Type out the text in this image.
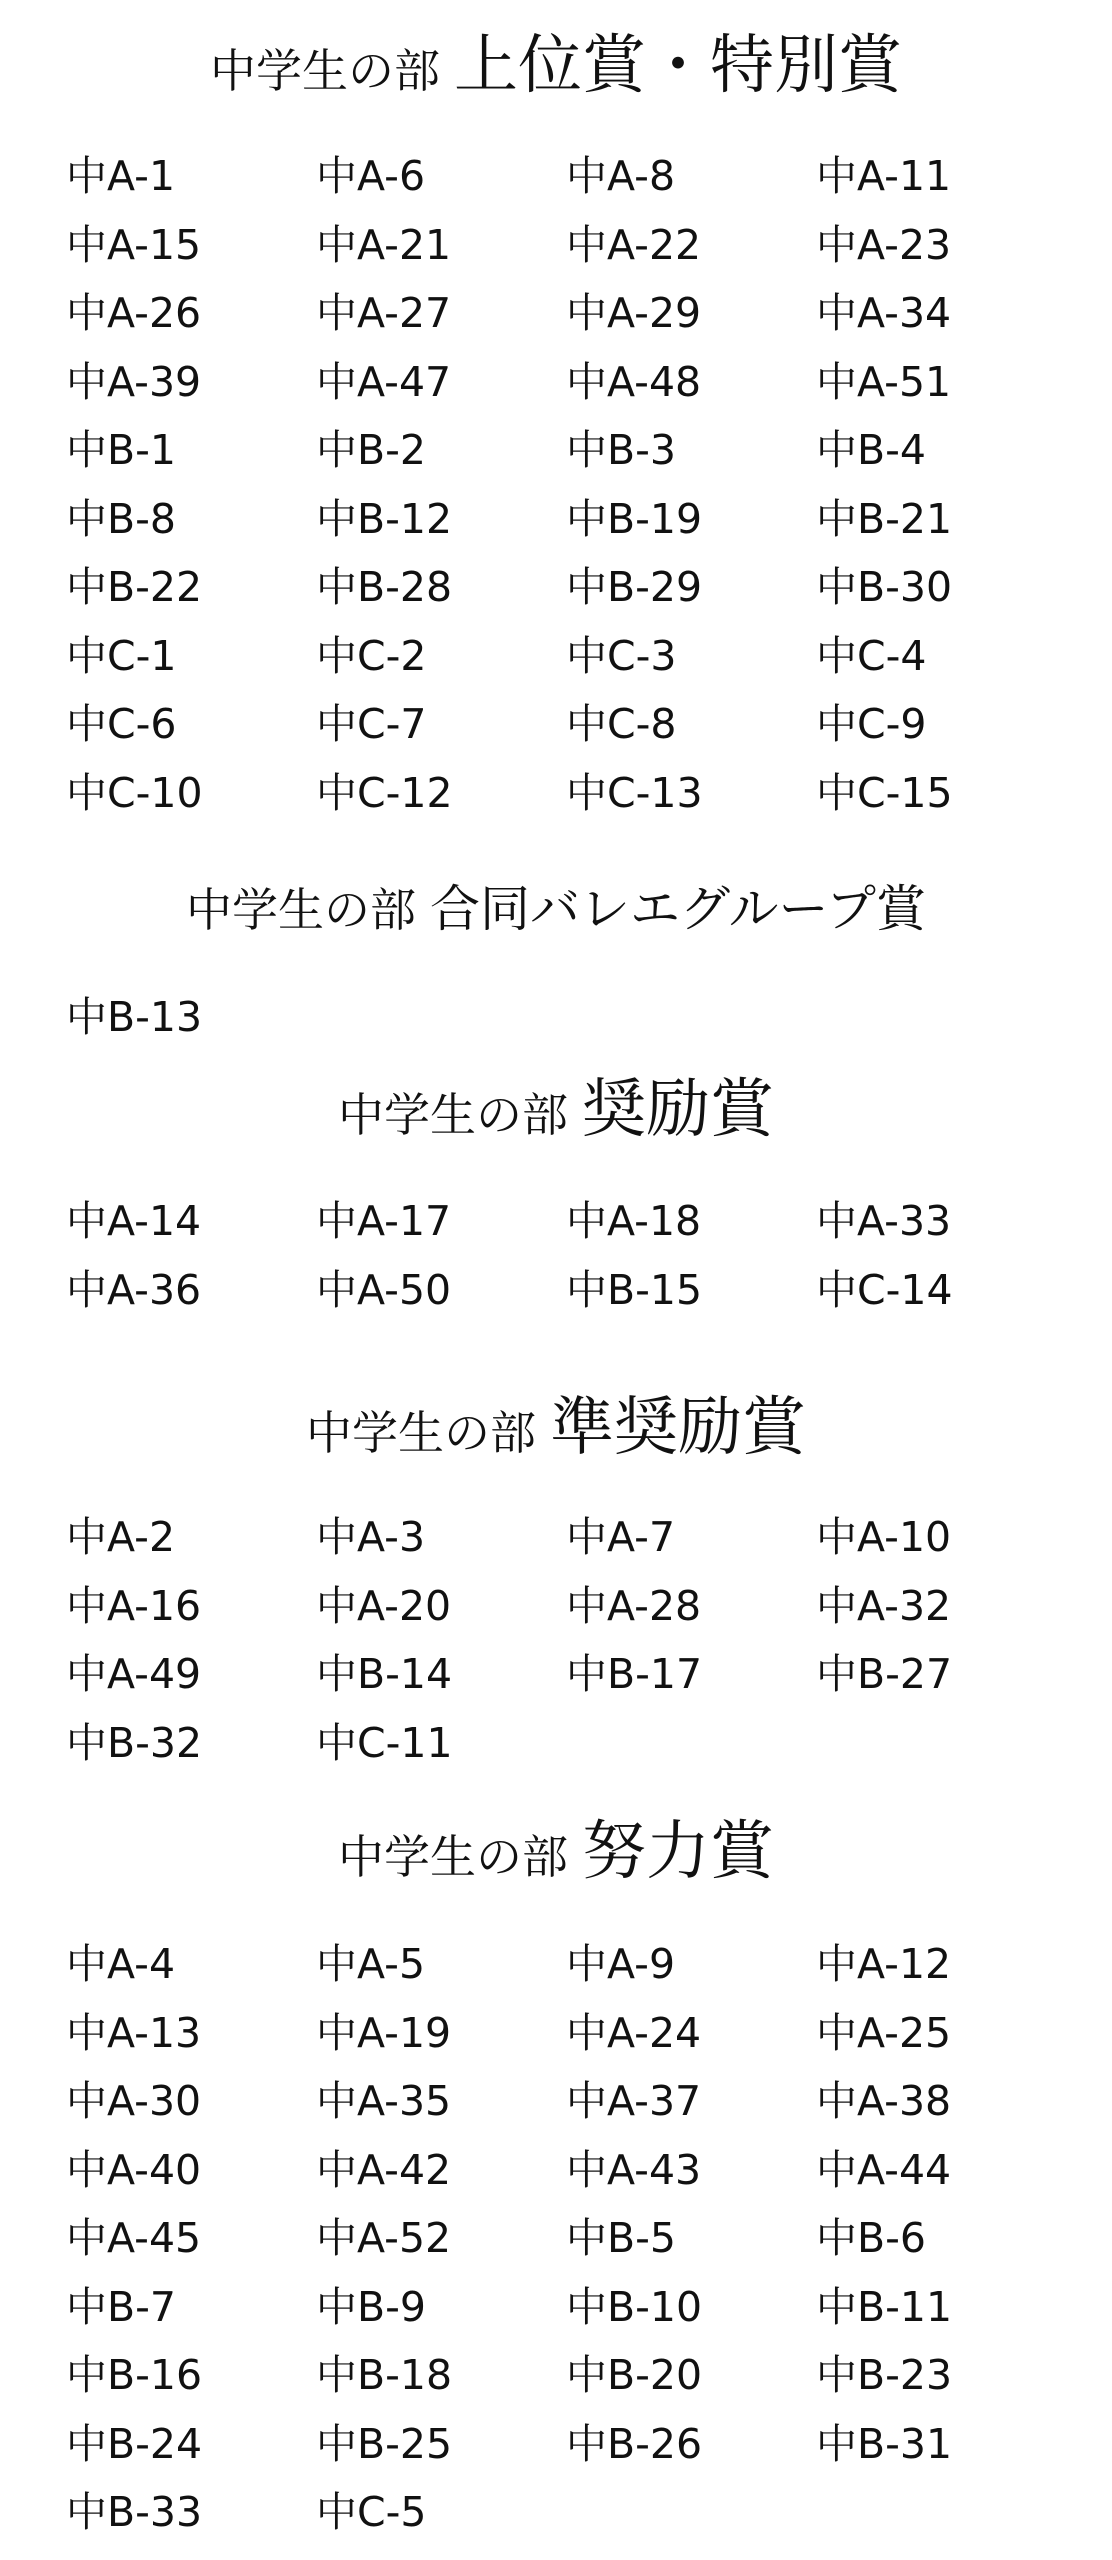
中学生の部 上位賞・特別賞
中A-1	中A-6	中A-8	中A-11
中A-15	中A-21	中A-22	中A-23
中A-26	中A-27	中A-29	中A-34
中A-39	中A-47	中A-48	中A-51
中B-1	中B-2	中B-3	中B-4
中B-8	中B-12	中B-19	中B-21
中B-22	中B-28	中B-29	中B-30
中C-1	中C-2	中C-3	中C-4
中C-6	中C-7	中C-8	中C-9
中C-10	中C-12	中C-13	中C-15
中学生の部 合同バレエグループ賞
中B-13
中学生の部 奨励賞
中A-14	中A-17	中A-18	中A-33
中A-36	中A-50	中B-15	中C-14
中学生の部 準奨励賞
中A-2	中A-3	中A-7	中A-10
中A-16	中A-20	中A-28	中A-32
中A-49	中B-14	中B-17	中B-27
中B-32	中C-11
中学生の部 努力賞
中A-4	中A-5	中A-9	中A-12
中A-13	中A-19	中A-24	中A-25
中A-30	中A-35	中A-37	中A-38
中A-40	中A-42	中A-43	中A-44
中A-45	中A-52	中B-5	中B-6
中B-7	中B-9	中B-10	中B-11
中B-16	中B-18	中B-20	中B-23
中B-24	中B-25	中B-26	中B-31
中B-33	中C-5
